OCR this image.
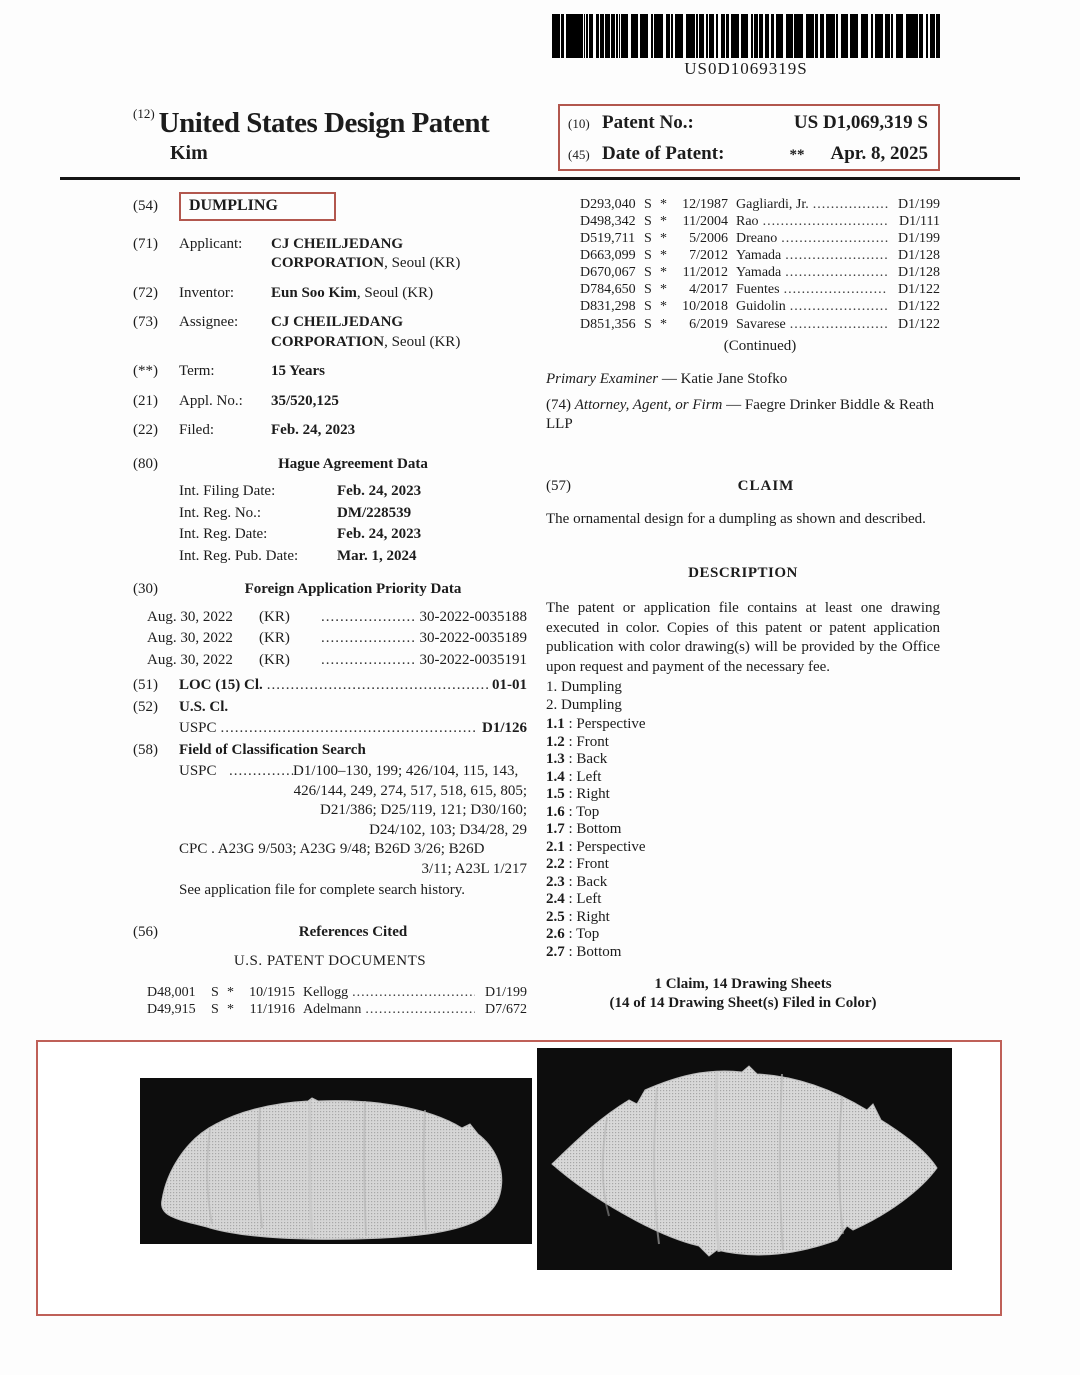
US0D1069319S
$^{(12)}$ United States Design Patent
Kim
(10) Patent No.:	US D1,069,319 S
(45) Date of Patent:	** Apr. 8, 2025
(54)	DUMPLING
(71)	Applicant:	CJ CHEILJEDANG
CORPORATION, Seoul (KR)
(72)	Inventor:	Eun Soo Kim, Seoul (KR)
(73)	Assignee:	CJ CHEILJEDANG
CORPORATION, Seoul (KR)
(**)	Term:	15 Years
(21)	Appl. No.:	35/520,125
(22)	Filed:	Feb. 24, 2023
(80)	Hague Agreement Data
Int. Filing Date:	Feb. 24, 2023
Int. Reg. No.:	DM/228539
Int. Reg. Date:	Feb. 24, 2023
Int. Reg. Pub. Date:	Mar. 1, 2024
(30)	Foreign Application Priority Data
Aug. 30, 2022	(KR) .....	30-2022-0035188
Aug. 30, 2022	(KR) .....	30-2022-0035189
Aug. 30, 2022	(KR) .....	30-2022-0035191
(51)	LOC (15) Cl. .....	01-01
(52)	U.S. Cl.
USPC .....	D1/126
(58)	Field of Classification Search
USPC .....	D1/100–130, 199; 426/104, 115, 143,
426/144, 249, 274, 517, 518, 615, 805;
D21/386; D25/119, 121; D30/160;
D24/102, 103; D34/28, 29
CPC . A23G 9/503; A23G 9/48; B26D 3/26; B26D
3/11; A23L 1/217
See application file for complete search history.
(56)	References Cited
U.S. PATENT DOCUMENTS
D48,001	S *	10/1915 Kellogg .....	D1/199
D49,915	S *	11/1916 Adelmann .....	D7/672
D293,040 S *	12/1987 Gagliardi, Jr. .....	D1/199
D498,342 S *	11/2004 Rao .....	D1/111
D519,711 S *	5/2006 Dreano .....	D1/199
D663,099 S *	7/2012 Yamada .....	D1/128
D670,067 S *	11/2012 Yamada .....	D1/128
D784,650 S *	4/2017 Fuentes .....	D1/122
D831,298 S *	10/2018 Guidolin .....	D1/122
D851,356 S *	6/2019 Savarese .....	D1/122
(Continued)
Primary Examiner — Katie Jane Stofko
(74) Attorney, Agent, or Firm — Faegre Drinker Biddle & Reath LLP
(57)	CLAIM
The ornamental design for a dumpling as shown and described.
DESCRIPTION
The patent or application file contains at least one drawing executed in color. Copies of this patent or patent application publication with color drawing(s) will be provided by the Office upon request and payment of the necessary fee.
1. Dumpling
2. Dumpling
1.1 : Perspective
1.2 : Front
1.3 : Back
1.4 : Left
1.5 : Right
1.6 : Top
1.7 : Bottom
2.1 : Perspective
2.2 : Front
2.3 : Back
2.4 : Left
2.5 : Right
2.6 : Top
2.7 : Bottom
1 Claim, 14 Drawing Sheets
(14 of 14 Drawing Sheet(s) Filed in Color)
